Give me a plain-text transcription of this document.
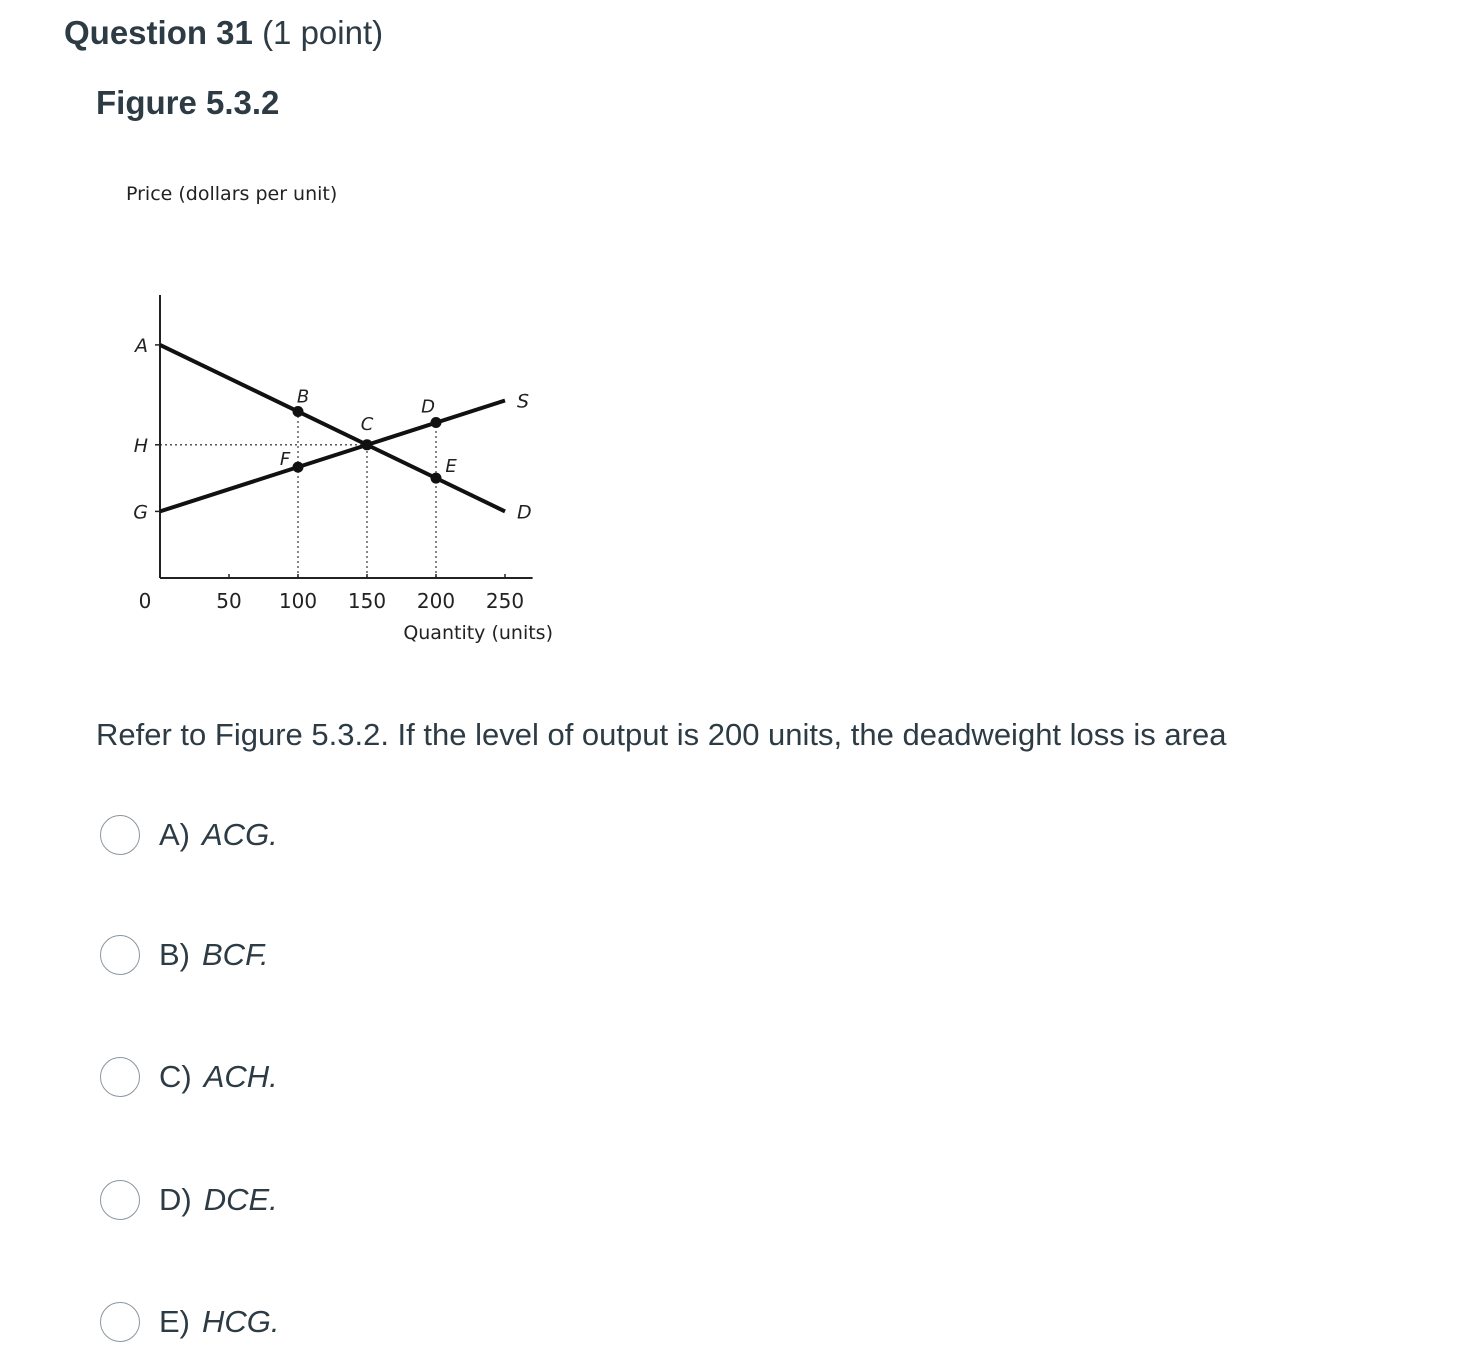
Question 31 (1 point)
Figure 5.3.2
Price (dollars per unit)
Quantity (units)
0	50 100 150 200 250
A
H
G
S
D
B
C
D
E
F

Refer to Figure 5.3.2. If the level of output is 200 units, the deadweight loss is area

A) ACG.
B) BCF.
C) ACH.
D) DCE.
E) HCG.
